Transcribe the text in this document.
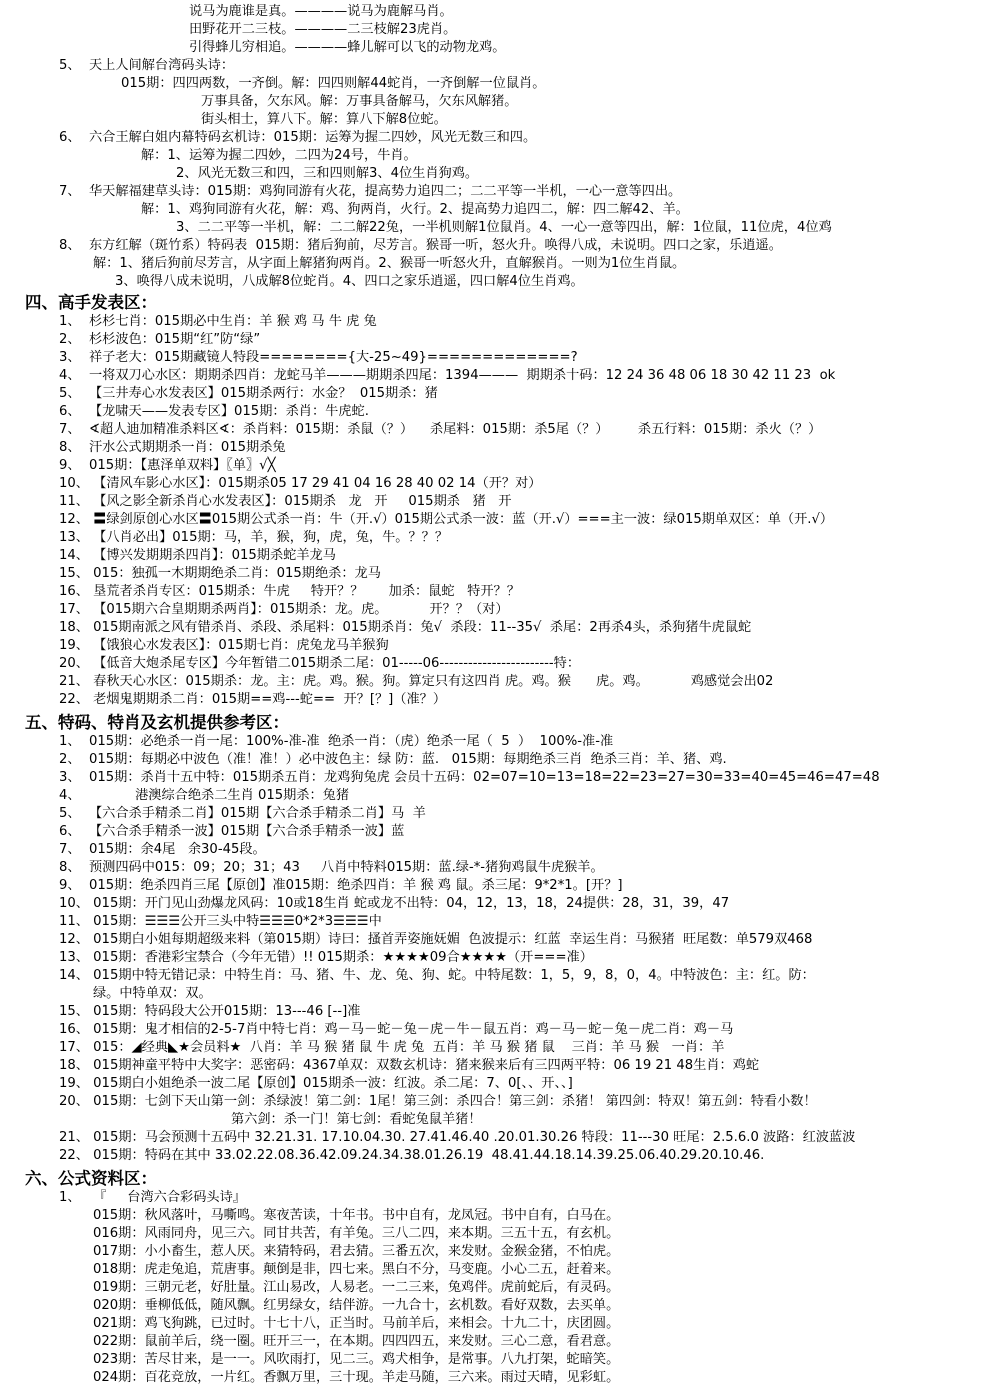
说马为鹿谁是真。————说马为鹿解马肖。
田野花开二三枝。————二三枝解23虎肖。
引得蜂儿穷相追。————蜂儿解可以飞的动物龙鸡。
5、  天上人间解台湾码头诗：
015期：四四两数，一齐倒。解：四四则解44蛇肖，一齐倒解一位鼠肖。
万事具备，欠东风。解：万事具备解马，欠东风解猪。
街头相士，算八下。解：算八下解8位蛇。
6、  六合王解白姐内幕特码玄机诗：015期：运筹为握二四妙，风光无数三和四。
解：1、运筹为握二四妙，二四为24号，牛肖。
2、风光无数三和四，三和四则解3、4位生肖狗鸡。
7、  华天解福建草头诗：015期：鸡狗同游有火花，提高势力追四二；二二平等一半机，一心一意等四出。
解：1、鸡狗同游有火花，解：鸡、狗两肖，火行。2、提高势力追四二，解：四二解42、羊。
3、二二平等一半机，解：二二解22兔，一半机则解1位鼠肖。4、一心一意等四出，解：1位鼠，11位虎，4位鸡
8、  东方红解（斑竹系）特码表  015期：猪后狗前，尽芳言。猴哥一听，怒火升。唤得八成，未说明。四口之家，乐逍遥。
解：1、猪后狗前尽芳言，从字面上解猪狗两肖。2、猴哥一听怒火升，直解猴肖。一则为1位生肖鼠。
3、唤得八成未说明，八成解8位蛇肖。4、四口之家乐逍遥，四口解4位生肖鸡。
四、高手发表区：
1、  杉杉七肖：015期必中生肖：羊 猴 鸡 马 牛 虎 兔
2、  杉杉波色：015期“红”防“绿”
3、  祥子老大：015期藏镜人特段========{大-25~49}=============?
4、  一将双刀心水区：期期杀四肖：龙蛇马羊———期期杀四尾：1394———  期期杀十码：12 24 36 48 06 18 30 42 11 23  ok
5、  【三井寿心水发表区】015期杀两行：水金？  015期杀：猪
6、  【龙啸天——发表专区】015期：杀肖：牛虎蛇.
7、  ∢超人迪加精准杀料区∢：杀肖料：015期：杀鼠（？）    杀尾料：015期：杀5尾（？）       杀五行料：015期：杀火（？）
8、  汗水公式期期杀一肖：015期杀兔
9、  015期：【惠泽单双料】〖单〗√╳
10、 【清风车影心水区】：015期杀05 17 29 41 04 16 28 40 02 14（开？对）
11、 【风之影全新杀肖心水发表区】：015期杀   龙   开     015期杀   猪   开
12、 〓绿剑原创心水区〓015期公式杀一肖：牛（开.√）015期公式杀一波：蓝（开.√）===主一波：绿015期单双区：单（开.√）
13、 【八肖必出】015期：马，羊，猴，狗，虎，兔，牛。？？？
14、 【博兴发期期杀四肖】：015期杀蛇羊龙马
15、 015：独孤一木期期绝杀二肖：015期绝杀：龙马
16、 垦荒者杀肖专区：015期杀：牛虎     特开？？      加杀：鼠蛇   特开？？
17、 【015期六合皇期期杀两肖】：015期杀：龙。虎。          开？？（对）
18、 015期南派之风有错杀肖、杀段、杀尾料：015期杀肖：兔√  杀段：11--35√  杀尾：2再杀4头，杀狗猪牛虎鼠蛇
19、 【饿狼心水发表区】：015期七肖：虎兔龙马羊猴狗
20、 【低音大炮杀尾专区】今年暂错二015期杀二尾：01-----06------------------------特：
21、 春秋天心水区：015期杀：龙。主：虎。鸡。猴。狗。算定只有这四肖 虎。鸡。猴      虎。鸡。          鸡感觉会出02
22、 老烟鬼期期杀二肖：015期==鸡---蛇==  开？[？]（准？）
五、特码、特肖及玄机提供参考区：
1、  015期：必绝杀一肖一尾：100%-准-准  绝杀一肖：（虎）绝杀一尾（  5  ）  100%-准-准
2、  015期：每期必中波色（准！准！）必中波色主：绿 防：蓝.   015期：每期绝杀三肖  绝杀三肖：羊、猪、鸡.
3、  015期：杀肖十五中特：015期杀五肖：龙鸡狗兔虎 会员十五码：02=07=10=13=18=22=23=27=30=33=40=45=46=47=48
4、             港澳综合绝杀二生肖 015期杀：兔猪
5、  【六合杀手精杀二肖】015期【六合杀手精杀二肖】马  羊
6、  【六合杀手精杀一波】015期【六合杀手精杀一波】蓝
7、  015期：余4尾   余30-45段。
8、  预测四码中015：09；20；31；43     八肖中特料015期：蓝.绿-*-猪狗鸡鼠牛虎猴羊。
9、  015期：绝杀四肖三尾【原创】准015期：绝杀四肖：羊 猴 鸡 鼠。杀三尾：9*2*1。[开？]
10、 015期：开门见山劲爆龙风码：10或18生肖 蛇或龙不出特：04，12，13，18，24提供：28，31，39，47
11、 015期：☰☰☰公开三头中特☰☰☰0*2*3☰☰☰中
12、 015期白小姐每期超级来料（第015期）诗曰：搔首弄姿施妩媚  色波提示：红蓝  幸运生肖：马猴猪  旺尾数：单579双468
13、 015期：香港彩宝禁合（今年无错）!! 015期杀：★★★★09合★★★★（开===准）
14、 015期中特无错记录：中特生肖：马、猪、牛、龙、兔、狗、蛇。中特尾数：1，5，9，8，0，4。中特波色：主：红。防：
绿。中特单双：双。
15、 015期：特码段大公开015期：13---46 [--]准
16、 015期：鬼才相信的2-5-7肖中特七肖：鸡－马－蛇－兔－虎－牛－鼠五肖：鸡－马－蛇－兔－虎二肖：鸡－马
17、 015：◢经典◣★会员料★  八肖：羊 马 猴 猪 鼠 牛 虎 兔  五肖：羊 马 猴 猪 鼠    三肖：羊 马 猴   一肖：羊
18、 015期神童平特中大奖字：恶密码：4367单双：双数玄机诗：猪来猴来后有三四两平特：06 19 21 48生肖：鸡蛇
19、 015期白小姐绝杀一波二尾【原创】015期杀一波：红波。杀二尾：7、0[、、开、、]
20、 015期：七剑下天山第一剑：杀绿波！第二剑：1尾！第三剑：杀四合！第三剑：杀猪！ 第四剑：特双！第五剑：特看小数！
第六剑：杀一门！第七剑：看蛇兔鼠羊猪！
21、 015期：马会预测十五码中 32.21.31. 17.10.04.30. 27.41.46.40 .20.01.30.26 特段：11---30 旺尾：2.5.6.0 波路：红波蓝波
22、 015期：特码在其中 33.02.22.08.36.42.09.24.34.38.01.26.19  48.41.44.18.14.39.25.06.40.29.20.10.46.
六、公式资料区：
1、   『     台湾六合彩码头诗』
015期：秋风落叶，马嘶鸣。寒夜苦读，十年书。书中自有，龙凤冠。书中自有，白马在。
016期：风雨同舟，见三六。同甘共苦，有羊兔。三八二四，来本期。三五十五，有玄机。
017期：小小畜生，惹人厌。来猜特码，君去猜。三番五次，来发财。金猴金猪，不怕虎。
018期：虎走兔追，荒唐事。颠倒是非，四七来。黑白不分，马变鹿。小心二五，赶着来。
019期：三朝元老，好肚量。江山易改，人易老。一二三来，兔鸡伴。虎前蛇后，有灵码。
020期：垂柳低低，随风飘。红男绿女，结伴游。一九合十，玄机数。看好双数，去买单。
021期：鸡飞狗跳，已过时。十七十八，正当时。马前羊后，来相会。十九二十，庆团圆。
022期：鼠前羊后，绕一圈。旺开三一，在本期。四四四五，来发财。三心二意，看君意。
023期：苦尽甘来，是一一。风吹雨打，见二三。鸡犬相争，是常事。八九打架，蛇暗笑。
024期：百花竞放，一片红。香飘万里，三十现。羊走马随，三六来。雨过天晴，见彩虹。
